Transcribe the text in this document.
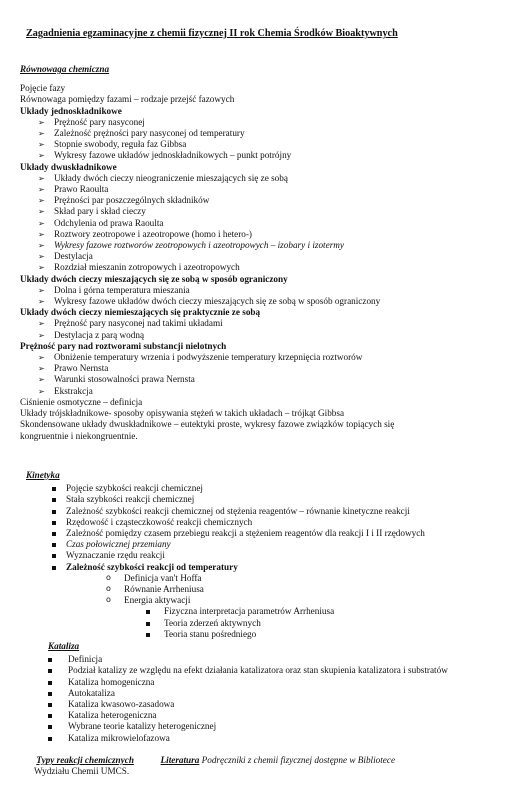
Zagadnienia egzaminacyjne z chemii fizycznej II rok Chemia Środków Bioaktywnych
Równowaga chemiczna
Pojęcie fazy
Równowaga pomiędzy fazami – rodzaje przejść fazowych
Układy jednoskładnikowe
➢ Prężność pary nasyconej
➢ Zależność prężności pary nasyconej od temperatury
➢ Stopnie swobody, reguła faz Gibbsa
➢ Wykresy fazowe układów jednoskładnikowych – punkt potrójny
Układy dwuskładnikowe
➢ Układy dwóch cieczy nieograniczenie mieszających się ze sobą
➢ Prawo Raoulta
➢ Prężności par poszczególnych składników
➢ Skład pary i skład cieczy
➢ Odchylenia od prawa Raoulta
➢ Roztwory zeotropowe i azeotropowe (homo i hetero-)
➢ Wykresy fazowe roztworów zeotropowych i azeotropowych – izobary i izotermy
➢ Destylacja
➢ Rozdział mieszanin zotropowych i azeotropowych
Układy dwóch cieczy mieszających się ze sobą w sposób ograniczony
➢ Dolna i górna temperatura mieszania
➢ Wykresy fazowe układów dwóch cieczy mieszających się ze sobą w sposób ograniczony
Układy dwóch cieczy niemieszających się praktycznie ze sobą
➢ Prężność pary nasyconej nad takimi układami
➢ Destylacja z parą wodną
Prężność pary nad roztworami substancji nielotnych
➢ Obniżenie temperatury wrzenia i podwyższenie temperatury krzepnięcia roztworów
➢ Prawo Nernsta
➢ Warunki stosowalności prawa Nernsta
➢ Ekstrakcja
Ciśnienie osmotyczne – definicja
Układy trójskładnikowe- sposoby opisywania stężeń w takich układach – trójkąt Gibbsa
Skondensowane układy dwuskładnikowe – eutektyki proste, wykresy fazowe związków topiących się
kongruentnie i niekongruentnie.
Kinetyka
Pojęcie szybkości reakcji chemicznej
Stała szybkości reakcji chemicznej
Zależność szybkości reakcji chemicznej od stężenia reagentów – równanie kinetyczne reakcji
Rzędowość i cząsteczkowość reakcji chemicznych
Zależność pomiędzy czasem przebiegu reakcji a stężeniem reagentów dla reakcji I i II rzędowych
Czas połowicznej przemiany
Wyznaczanie rzędu reakcji
Zależność szybkości reakcji od temperatury
o Definicja van't Hoffa
o Równanie Arrheniusa
o Energia aktywacji
Fizyczna interpretacja parametrów Arrheniusa
Teoria zderzeń aktywnych
Teoria stanu pośredniego
Kataliza
Definicja
Podział katalizy ze względu na efekt działania katalizatora oraz stan skupienia katalizatora i substratów
Kataliza homogeniczna
Autokataliza
Kataliza kwasowo-zasadowa
Kataliza heterogeniczna
Wybrane teorie katalizy heterogenicznej
Kataliza mikrowielofazowa
Typy reakcji chemicznych	Literatura Podręczniki z chemii fizycznej dostępne w Bibliotece
Wydziału Chemii UMCS.
